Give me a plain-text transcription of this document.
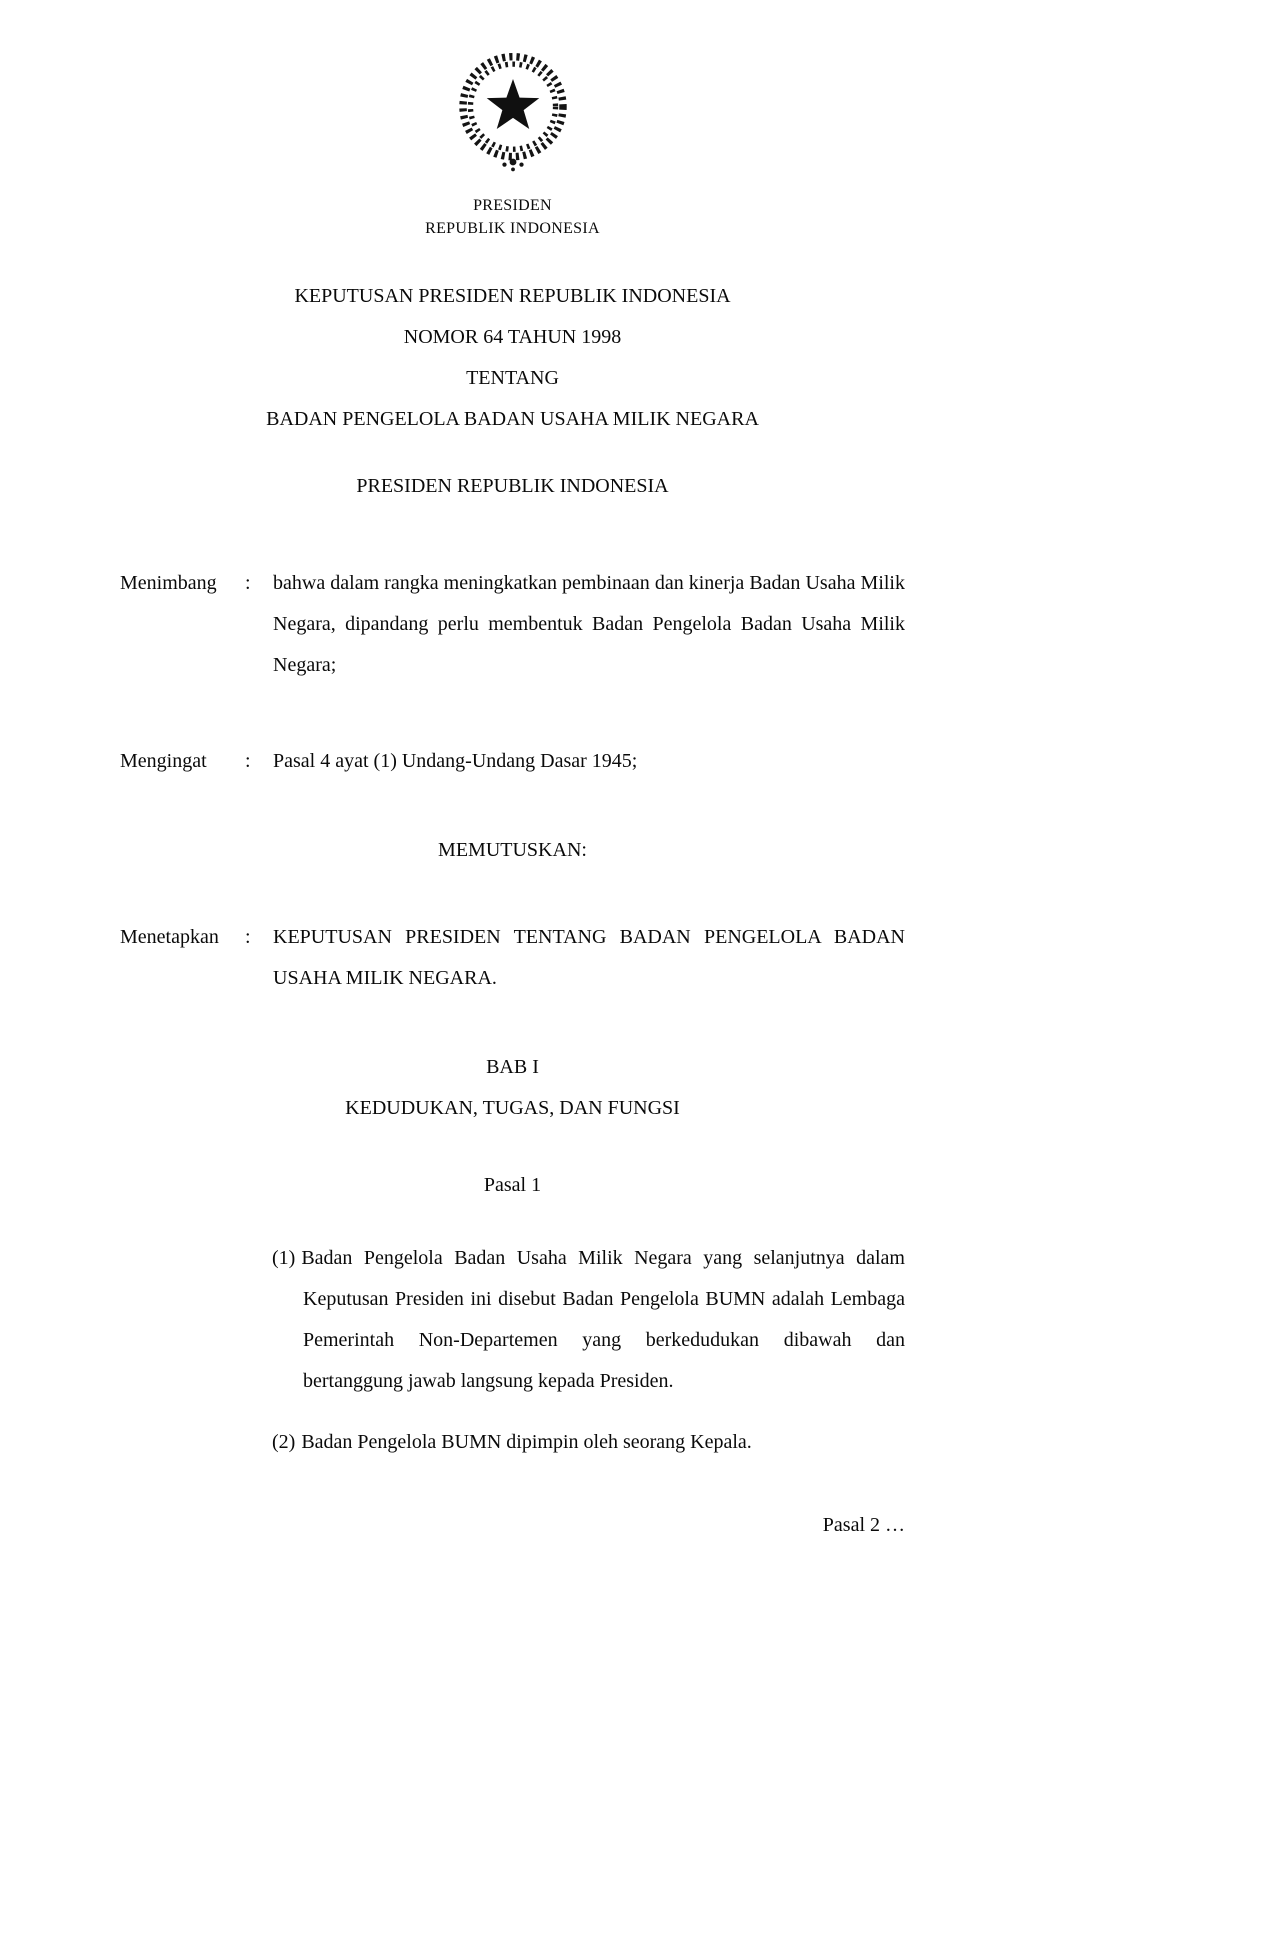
PRESIDEN
REPUBLIK INDONESIA
KEPUTUSAN PRESIDEN REPUBLIK INDONESIA
NOMOR 64 TAHUN 1998
TENTANG
BADAN PENGELOLA BADAN USAHA MILIK NEGARA
PRESIDEN REPUBLIK INDONESIA
Menimbang	:	bahwa dalam rangka meningkatkan pembinaan dan kinerja Badan Usaha Milik Negara, dipandang perlu membentuk Badan Pengelola Badan Usaha Milik Negara;
Mengingat	:	Pasal 4 ayat (1) Undang-Undang Dasar 1945;
MEMUTUSKAN:
Menetapkan	:	KEPUTUSAN PRESIDEN TENTANG BADAN PENGELOLA BADAN USAHA MILIK NEGARA.
BAB I
KEDUDUKAN, TUGAS, DAN FUNGSI
Pasal 1

(1) Badan Pengelola Badan Usaha Milik Negara yang selanjutnya dalam Keputusan Presiden ini disebut Badan Pengelola BUMN adalah Lembaga Pemerintah Non-Departemen yang berkedudukan dibawah dan bertanggung jawab langsung kepada Presiden.

(2) Badan Pengelola BUMN dipimpin oleh seorang Kepala.

Pasal 2 …
